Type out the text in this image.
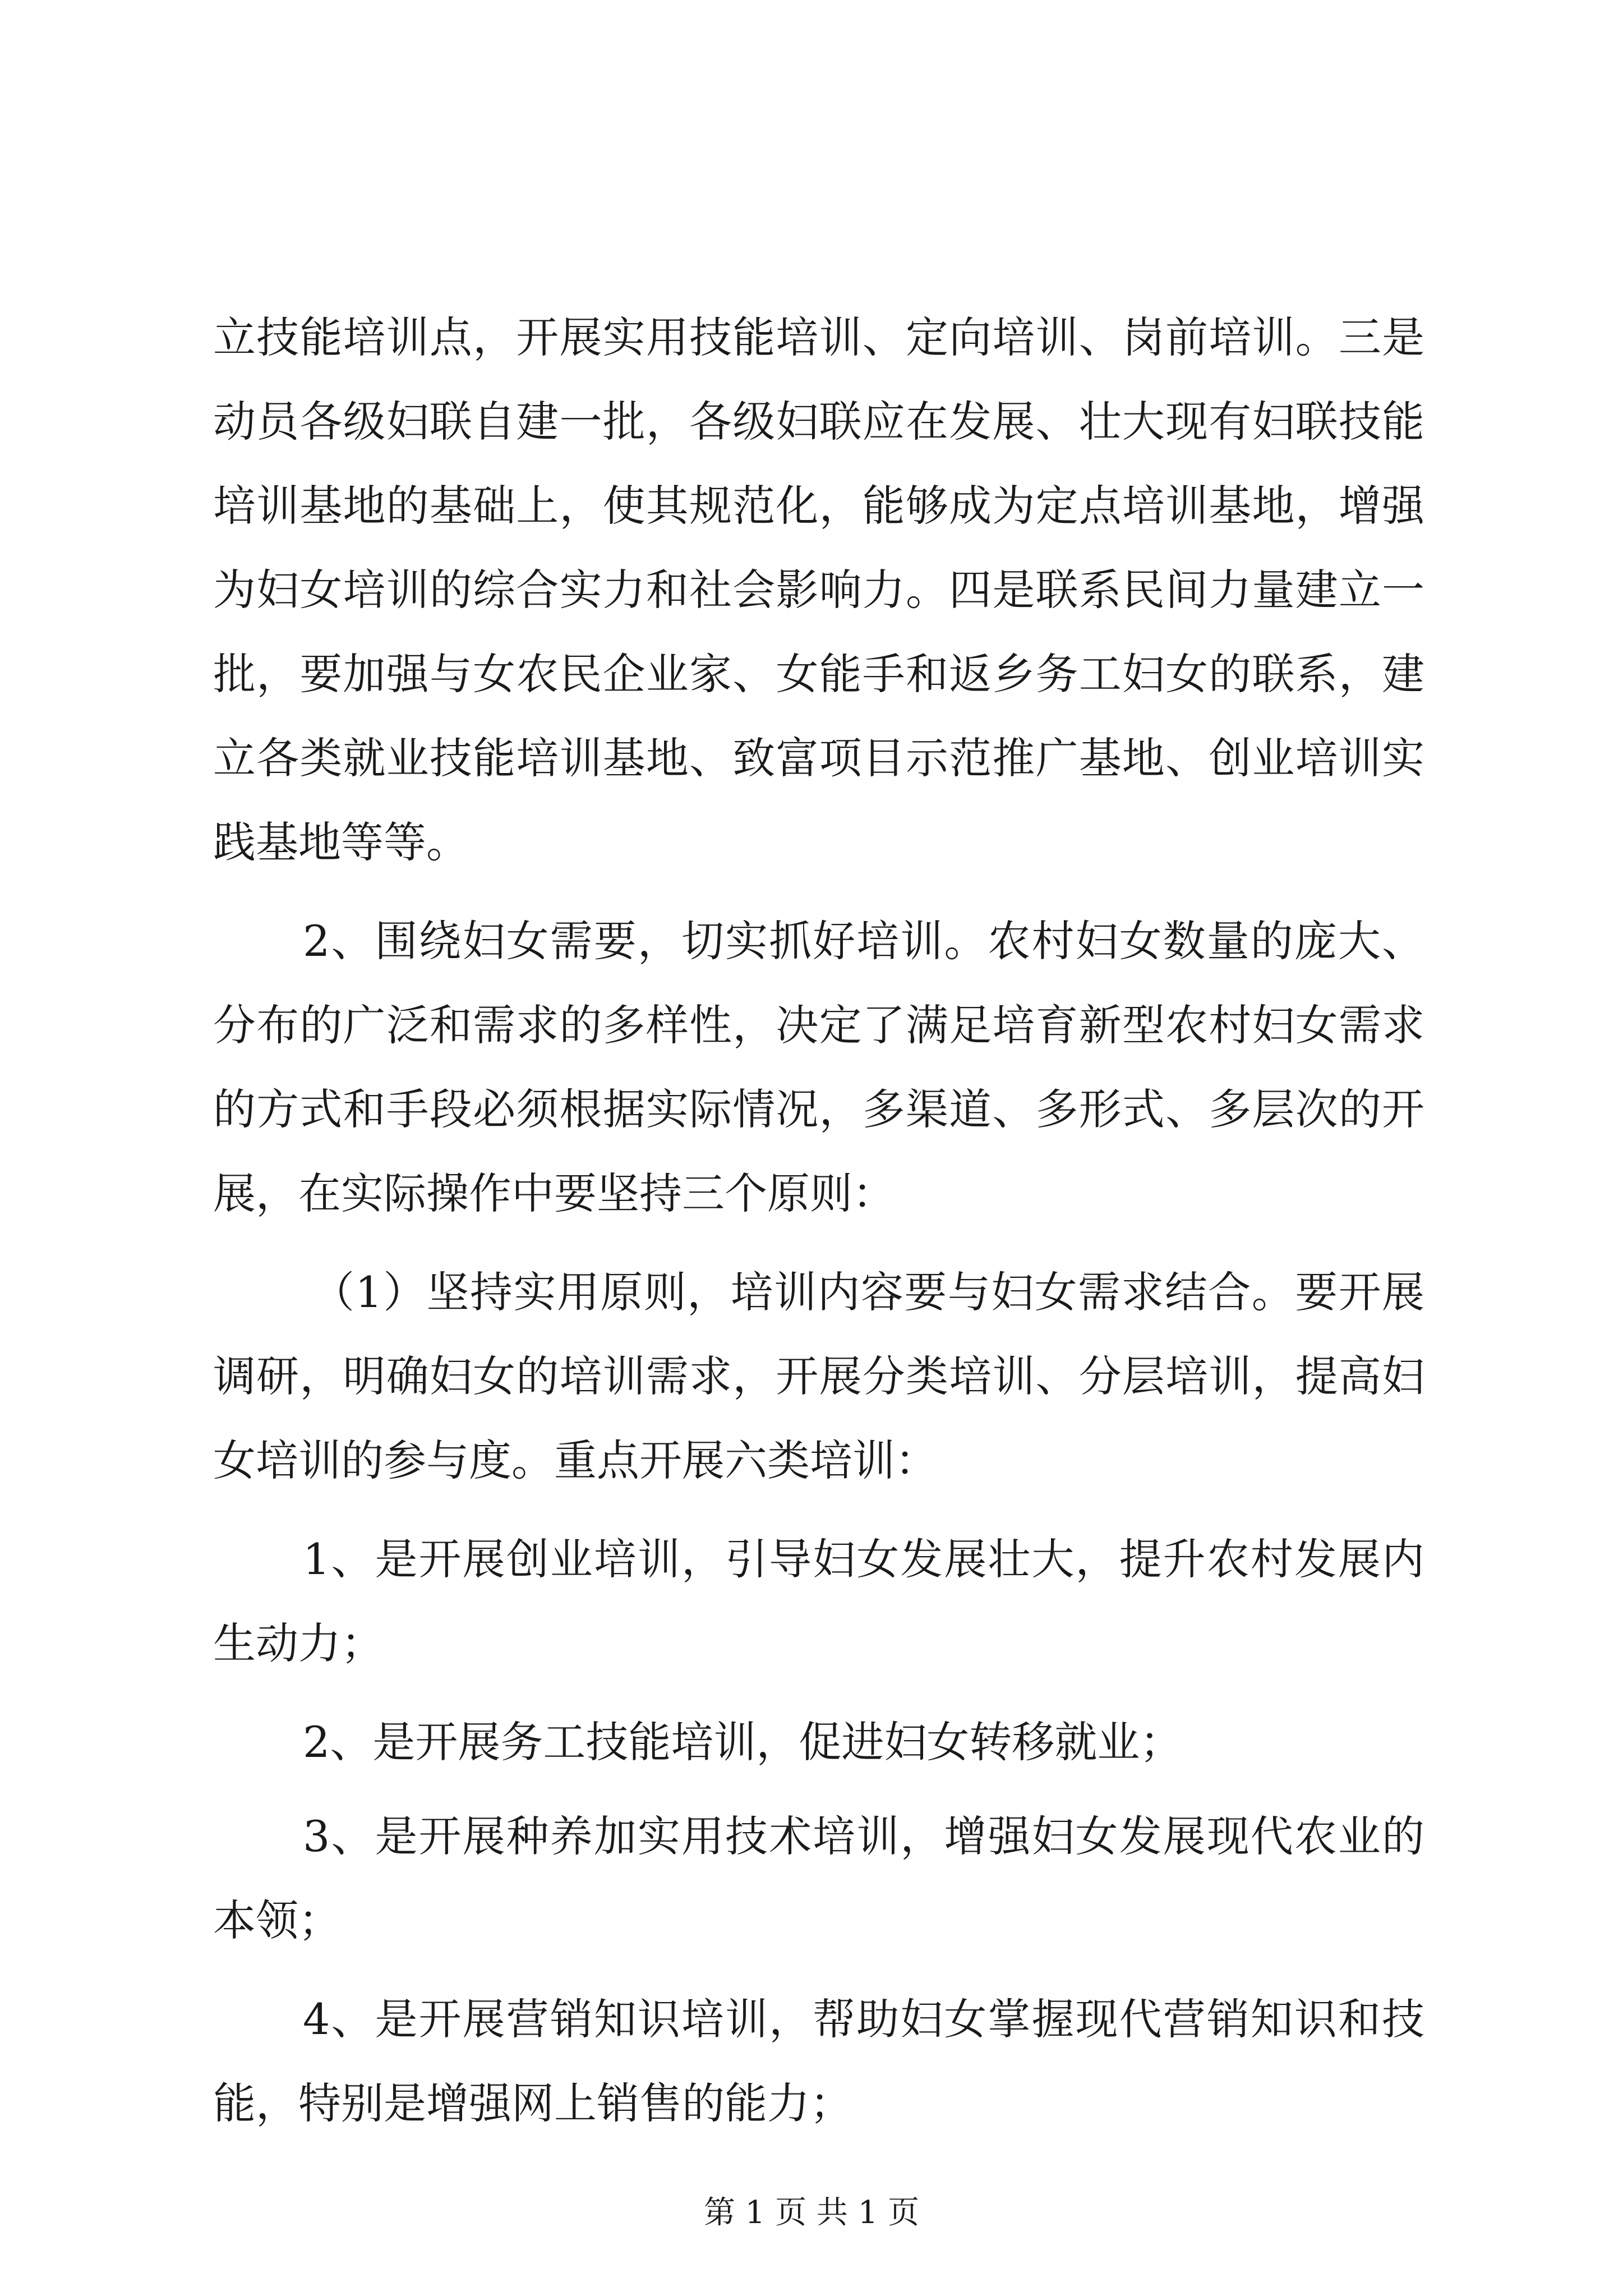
立技能培训点，开展实用技能培训、定向培训、岗前培训。三是
动员各级妇联自建一批，各级妇联应在发展、壮大现有妇联技能
培训基地的基础上，使其规范化，能够成为定点培训基地，增强
为妇女培训的综合实力和社会影响力。四是联系民间力量建立一
批，要加强与女农民企业家、女能手和返乡务工妇女的联系，建
立各类就业技能培训基地、致富项目示范推广基地、创业培训实
践基地等等。
2、围绕妇女需要，切实抓好培训。农村妇女数量的庞大、
分布的广泛和需求的多样性，决定了满足培育新型农村妇女需求
的方式和手段必须根据实际情况，多渠道、多形式、多层次的开
展，在实际操作中要坚持三个原则：
（1）坚持实用原则，培训内容要与妇女需求结合。要开展
调研，明确妇女的培训需求，开展分类培训、分层培训，提高妇
女培训的参与度。重点开展六类培训：
1、是开展创业培训，引导妇女发展壮大，提升农村发展内
生动力；
2、是开展务工技能培训，促进妇女转移就业；
3、是开展种养加实用技术培训，增强妇女发展现代农业的
本领；
4、是开展营销知识培训，帮助妇女掌握现代营销知识和技
能，特别是增强网上销售的能力；
第 1 页 共 1 页
